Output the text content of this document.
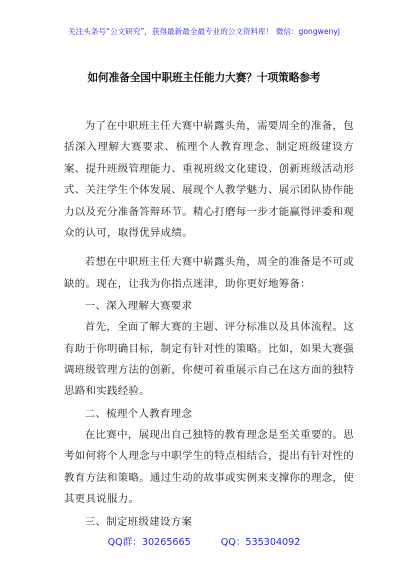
关注头条号“公文研究”，获得最新最全最专业的公文资料库！ 微信：gongwenyj
如何准备全国中职班主任能力大赛？十项策略参考

为了在中职班主任大赛中崭露头角，需要周全的准备，包括深入理解大赛要求、梳理个人教育理念、制定班级建设方案、提升班级管理能力、重视班级文化建设、创新班级活动形式、关注学生个体发展、展现个人教学魅力、展示团队协作能力以及充分准备答辩环节。精心打磨每一步才能赢得评委和观众的认可，取得优异成绩。

若想在中职班主任大赛中崭露头角，周全的准备是不可或缺的。现在，让我为你指点迷津，助你更好地筹备：

一、深入理解大赛要求

首先，全面了解大赛的主题、评分标准以及具体流程。这有助于你明确目标，制定有针对性的策略。比如，如果大赛强调班级管理方法的创新，你便可着重展示自己在这方面的独特思路和实践经验。

二、梳理个人教育理念

在比赛中，展现出自己独特的教育理念是至关重要的。思考如何将个人理念与中职学生的特点相结合，提出有针对性的教育方法和策略。通过生动的故事或实例来支撑你的理念，使其更具说服力。

三、制定班级建设方案

QQ群：30265665	QQ：535304092
